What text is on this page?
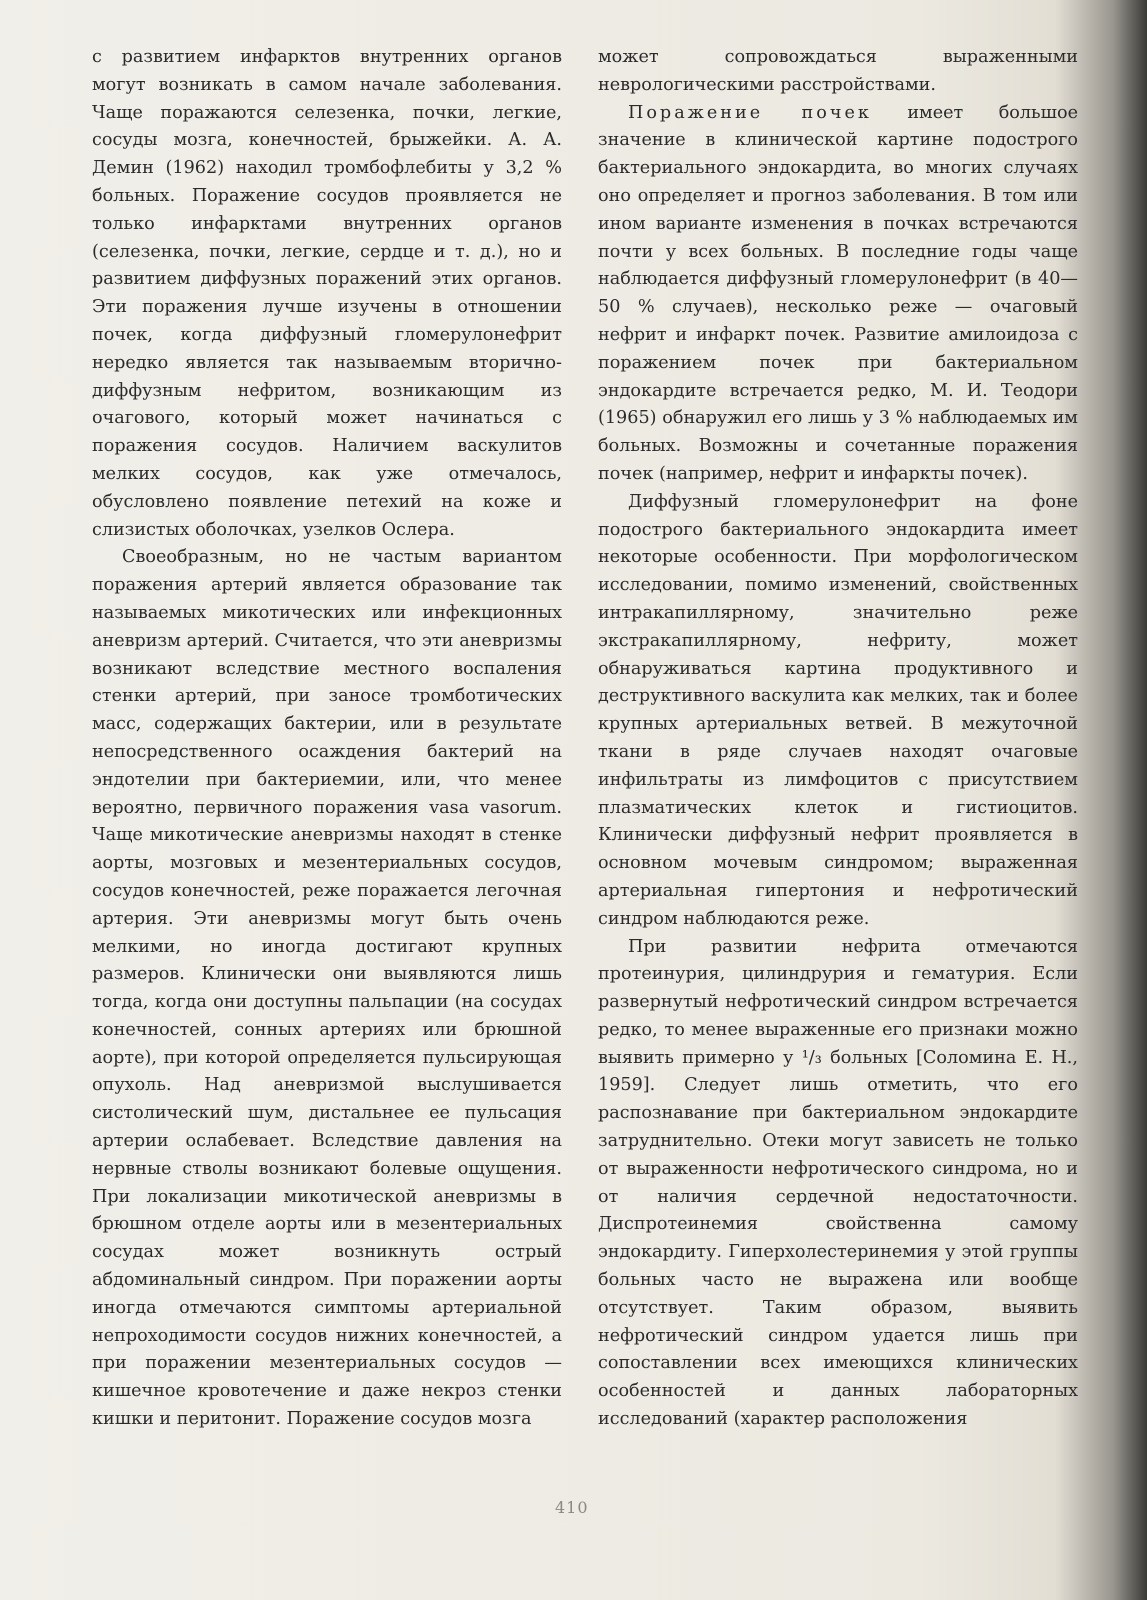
с развитием инфарктов внутренних органов могут возникать в самом начале заболевания. Чаще поражаются селезенка, почки, легкие, сосуды мозга, конечностей, брыжейки. А. А. Демин (1962) находил тромбофлебиты у 3,2 % больных. Поражение сосудов проявляется не только инфарктами внутренних органов (селезенка, почки, легкие, сердце и т. д.), но и развитием диффузных поражений этих органов. Эти поражения лучше изучены в отношении почек, когда диффузный гломерулонефрит нередко является так называемым вторично-диффузным нефритом, возникающим из очагового, который может начинаться с поражения сосудов. Наличием васкулитов мелких сосудов, как уже отмечалось, обусловлено появление петехий на коже и слизистых оболочках, узелков Ослера.

Своеобразным, но не частым вариантом поражения артерий является образование так называемых микотических или инфекционных аневризм артерий. Считается, что эти аневризмы возникают вследствие местного воспаления стенки артерий, при заносе тромботических масс, содержащих бактерии, или в результате непосредственного осаждения бактерий на эндотелии при бактериемии, или, что менее вероятно, первичного поражения vasa vasorum. Чаще микотические аневризмы находят в стенке аорты, мозговых и мезентериальных сосудов, сосудов конечностей, реже поражается легочная артерия. Эти аневризмы могут быть очень мелкими, но иногда достигают крупных размеров. Клинически они выявляются лишь тогда, когда они доступны пальпации (на сосудах конечностей, сонных артериях или брюшной аорте), при которой определяется пульсирующая опухоль. Над аневризмой выслушивается систолический шум, дистальнее ее пульсация артерии ослабевает. Вследствие давления на нервные стволы возникают болевые ощущения. При локализации микотической аневризмы в брюшном отделе аорты или в мезентериальных сосудах может возникнуть острый абдоминальный синдром. При поражении аорты иногда отмечаются симптомы артериальной непроходимости сосудов нижних конечностей, а при поражении мезентериальных сосудов — кишечное кровотечение и даже некроз стенки кишки и перитонит. Поражение сосудов мозга

может сопровождаться выраженными неврологическими расстройствами.

Поражение почек имеет большое значение в клинической картине подострого бактериального эндокардита, во многих случаях оно определяет и прогноз заболевания. В том или ином варианте изменения в почках встречаются почти у всех больных. В последние годы чаще наблюдается диффузный гломерулонефрит (в 40—50 % случаев), несколько реже — очаговый нефрит и инфаркт почек. Развитие амилоидоза с поражением почек при бактериальном эндокардите встречается редко, М. И. Теодори (1965) обнаружил его лишь у 3 % наблюдаемых им больных. Возможны и сочетанные поражения почек (например, нефрит и инфаркты почек).

Диффузный гломерулонефрит на фоне подострого бактериального эндокардита имеет некоторые особенности. При морфологическом исследовании, помимо изменений, свойственных интракапиллярному, значительно реже экстракапиллярному, нефриту, может обнаруживаться картина продуктивного и деструктивного васкулита как мелких, так и более крупных артериальных ветвей. В межуточной ткани в ряде случаев находят очаговые инфильтраты из лимфоцитов с присутствием плазматических клеток и гистиоцитов. Клинически диффузный нефрит проявляется в основном мочевым синдромом; выраженная артериальная гипертония и нефротический синдром наблюдаются реже.

При развитии нефрита отмечаются протеинурия, цилиндрурия и гематурия. Если развернутый нефротический синдром встречается редко, то менее выраженные его признаки можно выявить примерно у ¹/₃ больных [Соломина Е. Н., 1959]. Следует лишь отметить, что его распознавание при бактериальном эндокардите затруднительно. Отеки могут зависеть не только от выраженности нефротического синдрома, но и от наличия сердечной недостаточности. Диспротеинемия свойственна самому эндокардиту. Гиперхолестеринемия у этой группы больных часто не выражена или вообще отсутствует. Таким образом, выявить нефротический синдром удается лишь при сопоставлении всех имеющихся клинических особенностей и данных лабораторных исследований (характер расположения

410
